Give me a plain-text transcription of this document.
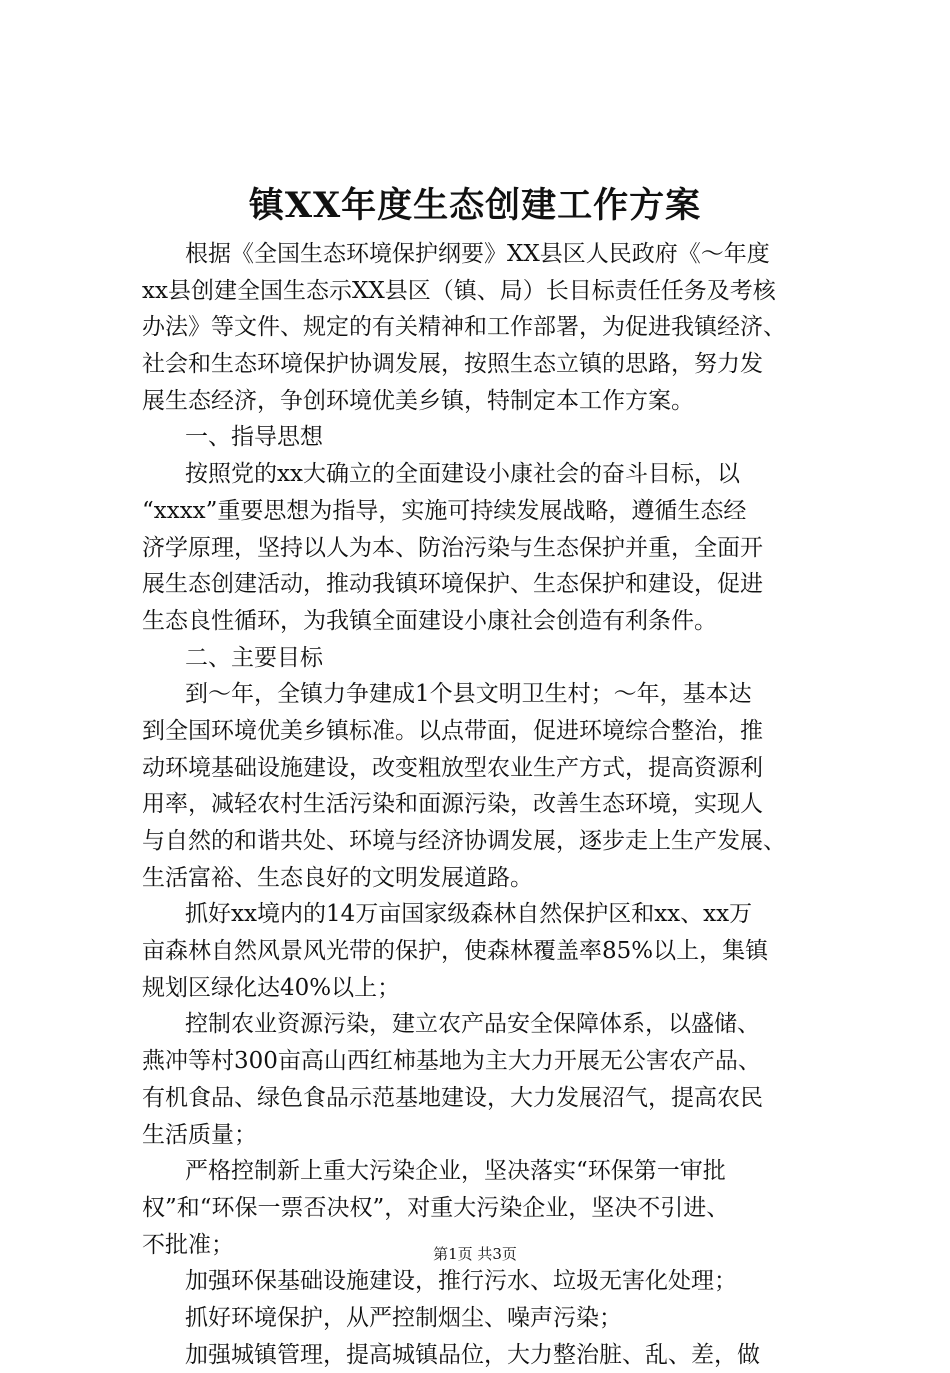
镇XX年度生态创建工作方案
根据《全国生态环境保护纲要》XX县区人民政府《～年度
xx县创建全国生态示XX县区（镇、局）长目标责任任务及考核
办法》等文件、规定的有关精神和工作部署，为促进我镇经济、
社会和生态环境保护协调发展，按照生态立镇的思路，努力发
展生态经济，争创环境优美乡镇，特制定本工作方案。
一、指导思想
按照党的xx大确立的全面建设小康社会的奋斗目标，以
“xxxx”重要思想为指导，实施可持续发展战略，遵循生态经
济学原理，坚持以人为本、防治污染与生态保护并重，全面开
展生态创建活动，推动我镇环境保护、生态保护和建设，促进
生态良性循环，为我镇全面建设小康社会创造有利条件。
二、主要目标
到～年，全镇力争建成1个县文明卫生村；～年，基本达
到全国环境优美乡镇标准。以点带面，促进环境综合整治，推
动环境基础设施建设，改变粗放型农业生产方式，提高资源利
用率，减轻农村生活污染和面源污染，改善生态环境，实现人
与自然的和谐共处、环境与经济协调发展，逐步走上生产发展、
生活富裕、生态良好的文明发展道路。
抓好xx境内的14万亩国家级森林自然保护区和xx、xx万
亩森林自然风景风光带的保护，使森林覆盖率85%以上，集镇
规划区绿化达40%以上；
控制农业资源污染，建立农产品安全保障体系，以盛储、
燕冲等村300亩高山西红柿基地为主大力开展无公害农产品、
有机食品、绿色食品示范基地建设，大力发展沼气，提高农民
生活质量；
严格控制新上重大污染企业，坚决落实“环保第一审批
权”和“环保一票否决权”，对重大污染企业，坚决不引进、
不批准；
加强环保基础设施建设，推行污水、垃圾无害化处理；
抓好环境保护，从严控制烟尘、噪声污染；
加强城镇管理，提高城镇品位，大力整治脏、乱、差，做
第1页 共3页
